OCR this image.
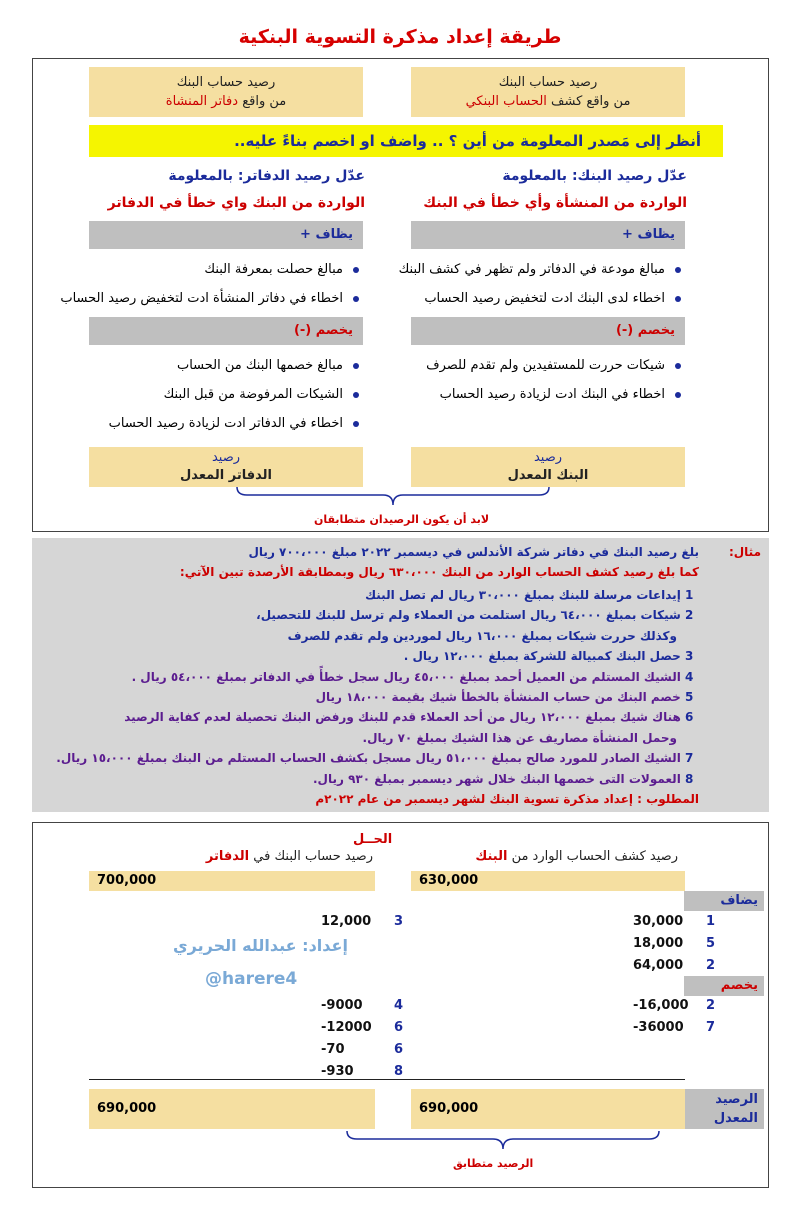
طريقة إعداد مذكرة التسوية البنكية
رصيد حساب البنك
من واقع كشف الحساب البنكي
رصيد حساب البنك
من واقع دفاتر المنشاة
أنظر إلى مَصدر المعلومة من أين ؟ .. واضف او اخصم بناءً عليه..
عدّل رصيد البنك: بالمعلومة
الواردة من المنشأة وأي خطأ في البنك
عدّل رصيد الدفاتر: بالمعلومة
الواردة من البنك واي خطأ في الدفاتر
يظاف +
يظاف +
مبالغ مودعة في الدفاتر ولم تظهر في كشف البنك
اخطاء لدى البنك ادت لتخفيض رصيد الحساب
مبالغ حصلت بمعرفة البنك
اخطاء في دفاتر المنشأة ادت لتخفيض رصيد الحساب
يخصم (-)
يخصم (-)
شيكات حررت للمستفيدين ولم تقدم للصرف
اخطاء في البنك ادت لزيادة رصيد الحساب
مبالغ خصمها البنك من الحساب
الشيكات المرفوضة من قبل البنك
اخطاء في الدفاتر ادت لزيادة رصيد الحساب
رصيد
البنك المعدل
رصيد
الدفاتر المعدل
لابد أن يكون الرصيدان متطابقان
مثال:
بلغ رصيد البنك في دفاتر شركة الأندلس في ديسمبر ٢٠٢٢ مبلغ ٧٠٠،٠٠٠ ريال
كما بلغ رصيد كشف الحساب الوارد من البنك ٦٣٠،٠٠٠ ريال وبمطابقة الأرصدة تبين الآتي:
1 إيداعات مرسلة للبنك بمبلغ ٣٠،٠٠٠ ريال لم تصل البنك
2 شيكات بمبلغ ٦٤،٠٠٠ ريال استلمت من العملاء ولم ترسل للبنك للتحصيل،
وكذلك حررت شيكات بمبلغ ١٦،٠٠٠ ريال لموردين ولم تقدم للصرف
3 حصل البنك كمبيالة للشركة بمبلغ ١٢،٠٠٠ ريال .
4 الشيك المستلم من العميل أحمد بمبلغ ٤٥،٠٠٠ ريال سجل خطأً في الدفاتر بمبلغ ٥٤،٠٠٠ ريال .
5 خصم البنك من حساب المنشأة بالخطأ شيك بقيمة ١٨،٠٠٠ ريال
6 هناك شيك بمبلغ ١٢،٠٠٠ ريال من أحد العملاء قدم للبنك ورفض البنك تحصيلة لعدم كفاية الرصيد
وحمل المنشأة مصاريف عن هذا الشيك بمبلغ ٧٠ ريال.
7 الشيك الصادر للمورد صالح بمبلغ ٥١،٠٠٠ ريال مسجل بكشف الحساب المستلم من البنك بمبلغ ١٥،٠٠٠ ريال.
8 العمولات التى خصمها البنك خلال شهر ديسمبر بمبلغ ٩٣٠ ريال.
المطلوب : إعداد مذكرة تسوية البنك لشهر ديسمبر من عام ٢٠٢٢م
الحــل
رصيد كشف الحساب الوارد من البنك
رصيد حساب البنك في الدفاتر
630,000
700,000
يضاف
1
30,000
5
18,000
2
64,000
3
12,000
إعداد: عبدالله الحريري
@harere4	يخصم
2
-16,000
7
-36000
4
-9000
6
-12000
6
-70
8
-930
الرصيد
المعدل
690,000
690,000
الرصيد متطابق
